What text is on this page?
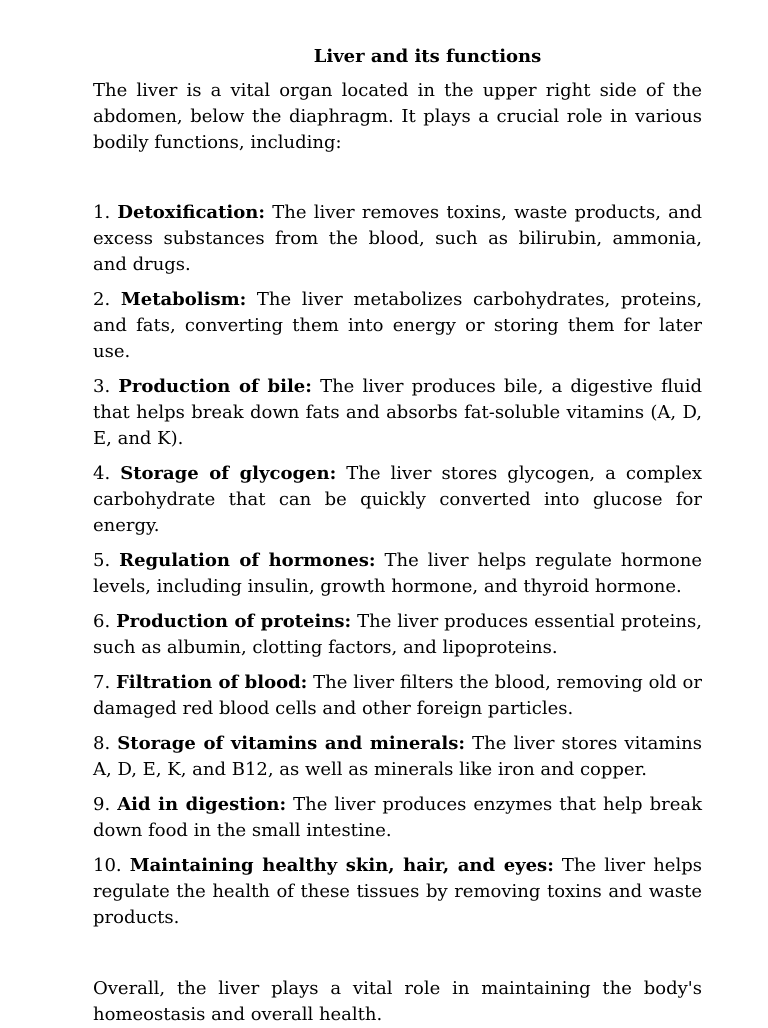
Liver and its functions

The liver is a vital organ located in the upper right side of the abdomen, below the diaphragm. It plays a crucial role in various bodily functions, including:

1. Detoxification: The liver removes toxins, waste products, and excess substances from the blood, such as bilirubin, ammonia, and drugs.

2. Metabolism: The liver metabolizes carbohydrates, proteins, and fats, converting them into energy or storing them for later use.

3. Production of bile: The liver produces bile, a digestive fluid that helps break down fats and absorbs fat-soluble vitamins (A, D, E, and K).

4. Storage of glycogen: The liver stores glycogen, a complex carbohydrate that can be quickly converted into glucose for energy.

5. Regulation of hormones: The liver helps regulate hormone levels, including insulin, growth hormone, and thyroid hormone.

6. Production of proteins: The liver produces essential proteins, such as albumin, clotting factors, and lipoproteins.

7. Filtration of blood: The liver filters the blood, removing old or damaged red blood cells and other foreign particles.

8. Storage of vitamins and minerals: The liver stores vitamins A, D, E, K, and B12, as well as minerals like iron and copper.

9. Aid in digestion: The liver produces enzymes that help break down food in the small intestine.

10. Maintaining healthy skin, hair, and eyes: The liver helps regulate the health of these tissues by removing toxins and waste products.

Overall, the liver plays a vital role in maintaining the body's homeostasis and overall health.
